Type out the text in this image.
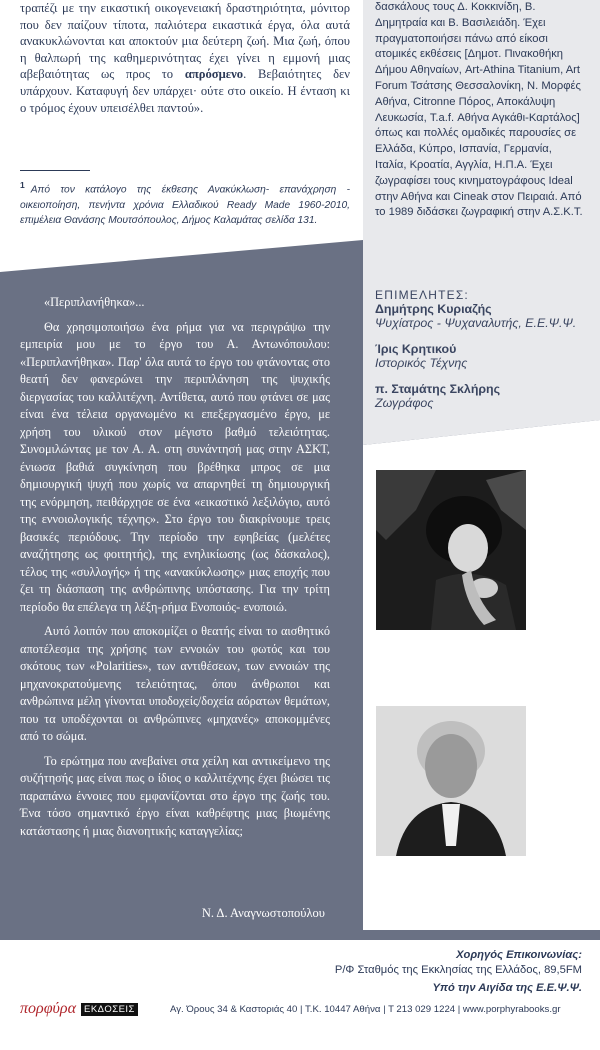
τραπέζι με την εικαστική οικογενειακή δραστηριότητα, μόνιτορ που δεν παίζουν τίποτα, παλιότερα εικαστικά έργα, όλα αυτά ανακυκλώνονται και αποκτούν μια δεύτερη ζωή. Μια ζωή, όπου η θαλπωρή της καθημερινότητας έχει γίνει η εμμονή μιας αβεβαιότητας ως προς το απρόσμενο. Βεβαιότητες δεν υπάρχουν. Καταφυγή δεν υπάρχει· ούτε στο οικείο. Η ένταση κι ο τρόμος έχουν υπεισέλθει παντού».

$^1$ Από τον κατάλογο της έκθεσης Ανακύκλωση- επανάχρηση - οικειοποίηση, πενήντα χρόνια Ελλαδικού Ready Made 1960-2010, επιμέλεια Θανάσης Μουτσόπουλος, Δήμος Καλαμάτας σελίδα 131.
δασκάλους τους Δ. Κοκκινίδη, Β. Δημητραία και Β. Βασιλειάδη. Έχει πραγματοποιήσει πάνω από είκοσι ατομικές εκθέσεις [Δημοτ. Πινακοθήκη Δήμου Αθηναίων, Art-Athina Titanium, Art Forum Τσάτσης Θεσσαλονίκη, Ν. Μορφές Αθήνα, Citronne Πόρος, Αποκάλυψη Λευκωσία, T.a.f. Αθήνα Αγκάθι-Καρτάλος] όπως και πολλές ομαδικές παρουσίες σε Ελλάδα, Κύπρο, Ισπανία, Γερμανία, Ιταλία, Κροατία, Αγγλία, Η.Π.Α. Έχει ζωγραφίσει τους κινηματογράφους Ideal στην Αθήνα και Cineak στον Πειραιά. Από το 1989 διδάσκει ζωγραφική στην Α.Σ.Κ.Τ.
ΕΠΙΜΕΛΗΤΕΣ:
Δημήτρης Κυριαζής
Ψυχίατρος - Ψυχαναλυτής, Ε.Ε.Ψ.Ψ.
Ίρις Κρητικού
Ιστορικός Τέχνης
π. Σταμάτης Σκλήρης
Ζωγράφος

«Περιπλανήθηκα»...

Θα χρησιμοποιήσω ένα ρήμα για να περιγράψω την εμπειρία μου με το έργο του Α. Αντωνόπουλου: «Περιπλανήθηκα». Παρ' όλα αυτά το έργο του φτάνοντας στο θεατή δεν φανερώνει την περιπλάνηση της ψυχικής διεργασίας του καλλιτέχνη. Αντίθετα, αυτό που φτάνει σε μας είναι ένα τέλεια οργανωμένο κι επεξεργασμένο έργο, με χρήση του υλικού στον μέγιστο βαθμό τελειότητας. Συνομιλώντας με τον Α. Α. στη συνάντησή μας στην ΑΣΚΤ, ένιωσα βαθιά συγκίνηση που βρέθηκα μπρος σε μια δημιουργική ψυχή που χωρίς να απαρνηθεί τη δημιουργική της ενόρμηση, πειθάρχησε σε ένα «εικαστικό λεξιλόγιο, αυτό της εννοιολογικής τέχνης». Στο έργο του διακρίνουμε τρεις βασικές περιόδους. Την περίοδο την εφηβείας (μελέτες αναζήτησης ως φοιτητής), της ενηλικίωσης (ως δάσκαλος), τέλος της «συλλογής» ή της «ανακύκλωσης» μιας εποχής που ζει τη διάσπαση της ανθρώπινης υπόστασης. Για την τρίτη περίοδο θα επέλεγα τη λέξη-ρήμα Ενοποιός- ενοποιώ.

Αυτό λοιπόν που αποκομίζει ο θεατής είναι το αισθητικό αποτέλεσμα της χρήσης των εννοιών του φωτός και του σκότους των «Polarities», των αντιθέσεων, των εννοιών της μηχανοκρατούμενης τελειότητας, όπου άνθρωποι και ανθρώπινα μέλη γίνονται υποδοχείς/δοχεία αόρατων θεμάτων, που τα υποδέχονται οι ανθρώπινες «μηχανές» αποκομμένες από το σώμα.

Το ερώτημα που ανεβαίνει στα χείλη και αντικείμενο της συζήτησής μας είναι πως ο ίδιος ο καλλιτέχνης έχει βιώσει τις παραπάνω έννοιες που εμφανίζονται στο έργο της ζωής του. Ένα τόσο σημαντικό έργο είναι καθρέφτης μιας βιωμένης κατάστασης ή μιας διανοητικής καταγγελίας;

Ν. Δ. Αναγνωστοπούλου
Νιζέττα Αναγνωστοπούλου
Μ.Α., ArT.psy, ECP.h, Ψυχολόγος,
Εικαστική Ψυχοθεραπεύτρια
Δημήτρης Κυριαζής
Ψυχίατρος- Ψυχαναλυτής, Ε.Ε.Ψ.Ψ.
Χορηγός Επικοινωνίας:
Ρ/Φ Σταθμός της Εκκλησίας της Ελλάδος, 89,5FM
Υπό την Αιγίδα της Ε.Ε.Ψ.Ψ.
πορφύρα ΕΚΔΟΣΕΙΣ	Αγ. Όρους 34 & Καστοριάς 40 | Τ.Κ. 10447 Αθήνα | Τ 213 029 1224 | www.porphyrabooks.gr
